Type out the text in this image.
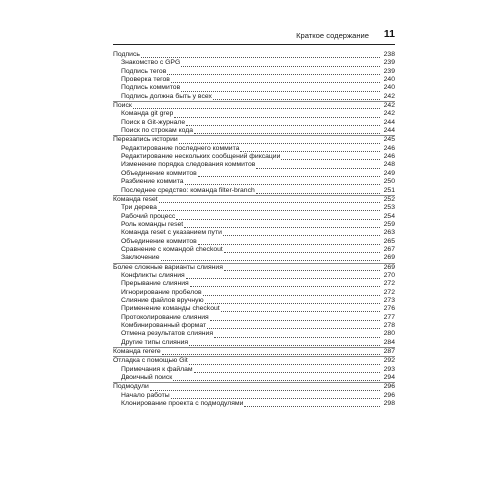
Краткое содержание 11
Подпись	238
Знакомство с GPG	239
Подпись тегов	239
Проверка тегов	240
Подпись коммитов	240
Подпись должна быть у всех	242
Поиск	242
Команда git grep	242
Поиск в Git-журнале	244
Поиск по строкам кода	244
Перезапись истории	245
Редактирование последнего коммита	246
Редактирование нескольких сообщений фиксации	246
Изменение порядка следования коммитов	248
Объединение коммитов	249
Разбиение коммита	250
Последнее средство: команда filter-branch	251
Команда reset	252
Три дерева	253
Рабочий процесс	254
Роль команды reset	259
Команда reset с указанием пути	263
Объединение коммитов	265
Сравнение с командой checkout	267
Заключение	269
Более сложные варианты слияния	269
Конфликты слияния	270
Прерывание слияния	272
Игнорирование пробелов	272
Слияние файлов вручную	273
Применение команды checkout	276
Протоколирование слияния	277
Комбинированный формат	278
Отмена результатов слияния	280
Другие типы слияния	284
Команда rerere	287
Отладка с помощью Git	292
Примечания к файлам	293
Двоичный поиск	294
Подмодули	296
Начало работы	296
Клонирование проекта с подмодулями	298
